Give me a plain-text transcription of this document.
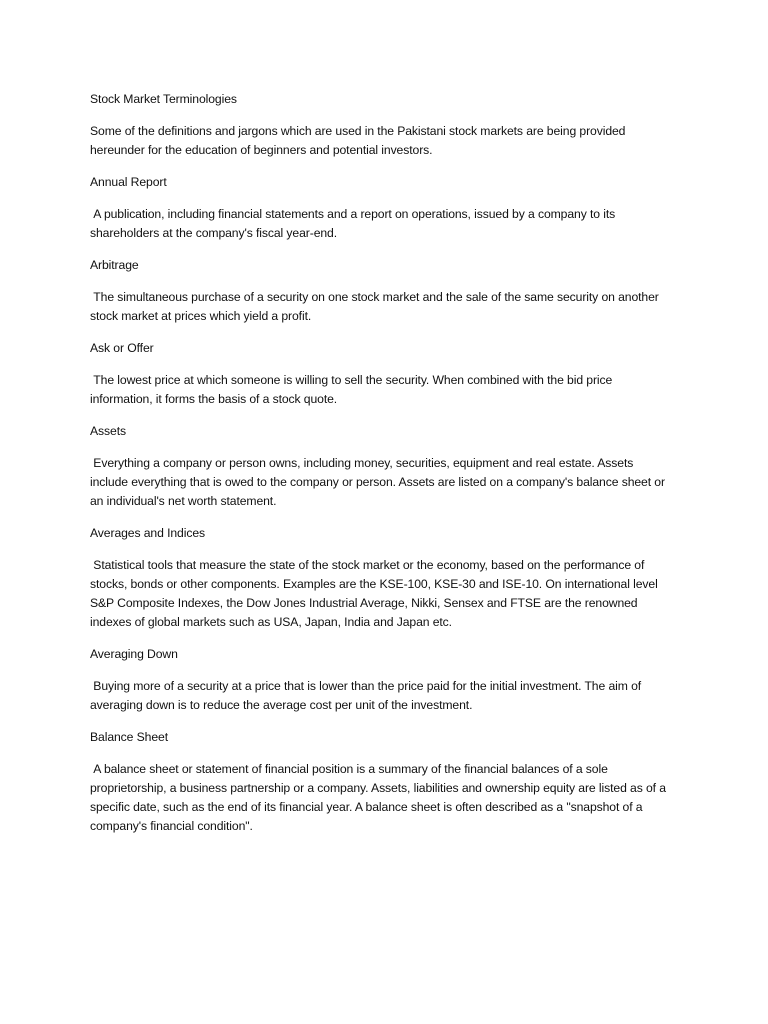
Stock Market Terminologies

Some of the definitions and jargons which are used in the Pakistani stock markets are being provided hereunder for the education of beginners and potential investors.

Annual Report

A publication, including financial statements and a report on operations, issued by a company to its shareholders at the company's fiscal year-end.

Arbitrage

The simultaneous purchase of a security on one stock market and the sale of the same security on another stock market at prices which yield a profit.

Ask or Offer

The lowest price at which someone is willing to sell the security. When combined with the bid price information, it forms the basis of a stock quote.

Assets

Everything a company or person owns, including money, securities, equipment and real estate. Assets include everything that is owed to the company or person. Assets are listed on a company's balance sheet or an individual's net worth statement.

Averages and Indices

Statistical tools that measure the state of the stock market or the economy, based on the performance of stocks, bonds or other components. Examples are the KSE-100, KSE-30 and ISE-10. On international level S&P Composite Indexes, the Dow Jones Industrial Average, Nikki, Sensex and FTSE are the renowned indexes of global markets such as USA, Japan, India and Japan etc.

Averaging Down

Buying more of a security at a price that is lower than the price paid for the initial investment. The aim of averaging down is to reduce the average cost per unit of the investment.

Balance Sheet

A balance sheet or statement of financial position is a summary of the financial balances of a sole proprietorship, a business partnership or a company. Assets, liabilities and ownership equity are listed as of a specific date, such as the end of its financial year. A balance sheet is often described as a "snapshot of a company's financial condition".
